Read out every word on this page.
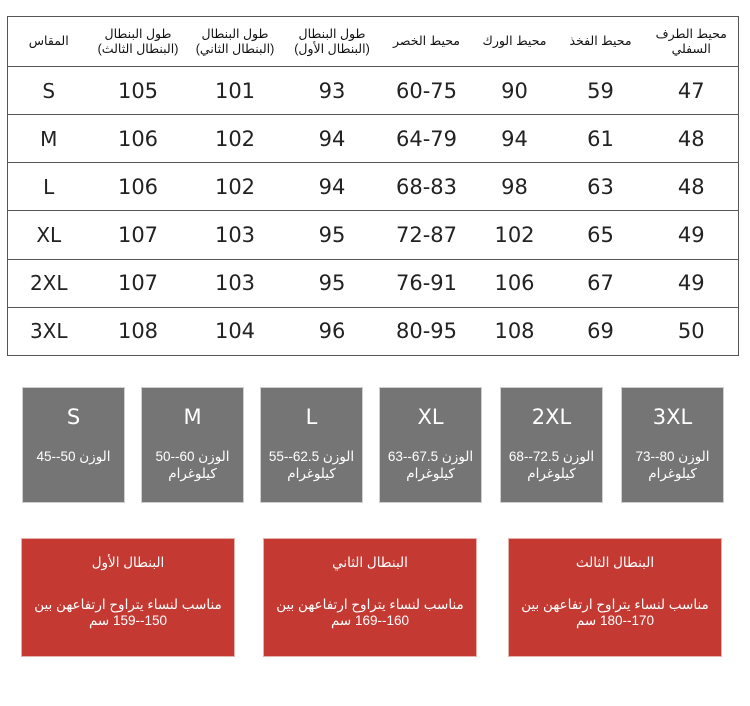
المقاس	طول البنطال (البنطال الثالث)	طول البنطال (البنطال الثاني)	طول البنطال (البنطال الأول)	محيط الخصر	محيط الورك	محيط الفخذ	محيط الطرف السفلي
S	105	101	93	60-75	90	59	47
M	106	102	94	64-79	94	61	48
L	106	102	94	68-83	98	63	48
XL	107	103	95	72-87	102	65	49
2XL	107	103	95	76-91	106	67	49
3XL	108	104	96	80-95	108	69	50
S
الوزن 50--45
M
الوزن 60--50 كيلوغرام
L
الوزن 62.5--55 كيلوغرام
XL
الوزن 67.5--63 كيلوغرام
2XL
الوزن 72.5--68 كيلوغرام
3XL
الوزن 80--73 كيلوغرام
البنطال الأول
مناسب لنساء يتراوح ارتفاعهن بين 150--159 سم
البنطال الثاني
مناسب لنساء يتراوح ارتفاعهن بين 160--169 سم
البنطال الثالث
مناسب لنساء يتراوح ارتفاعهن بين 170--180 سم
